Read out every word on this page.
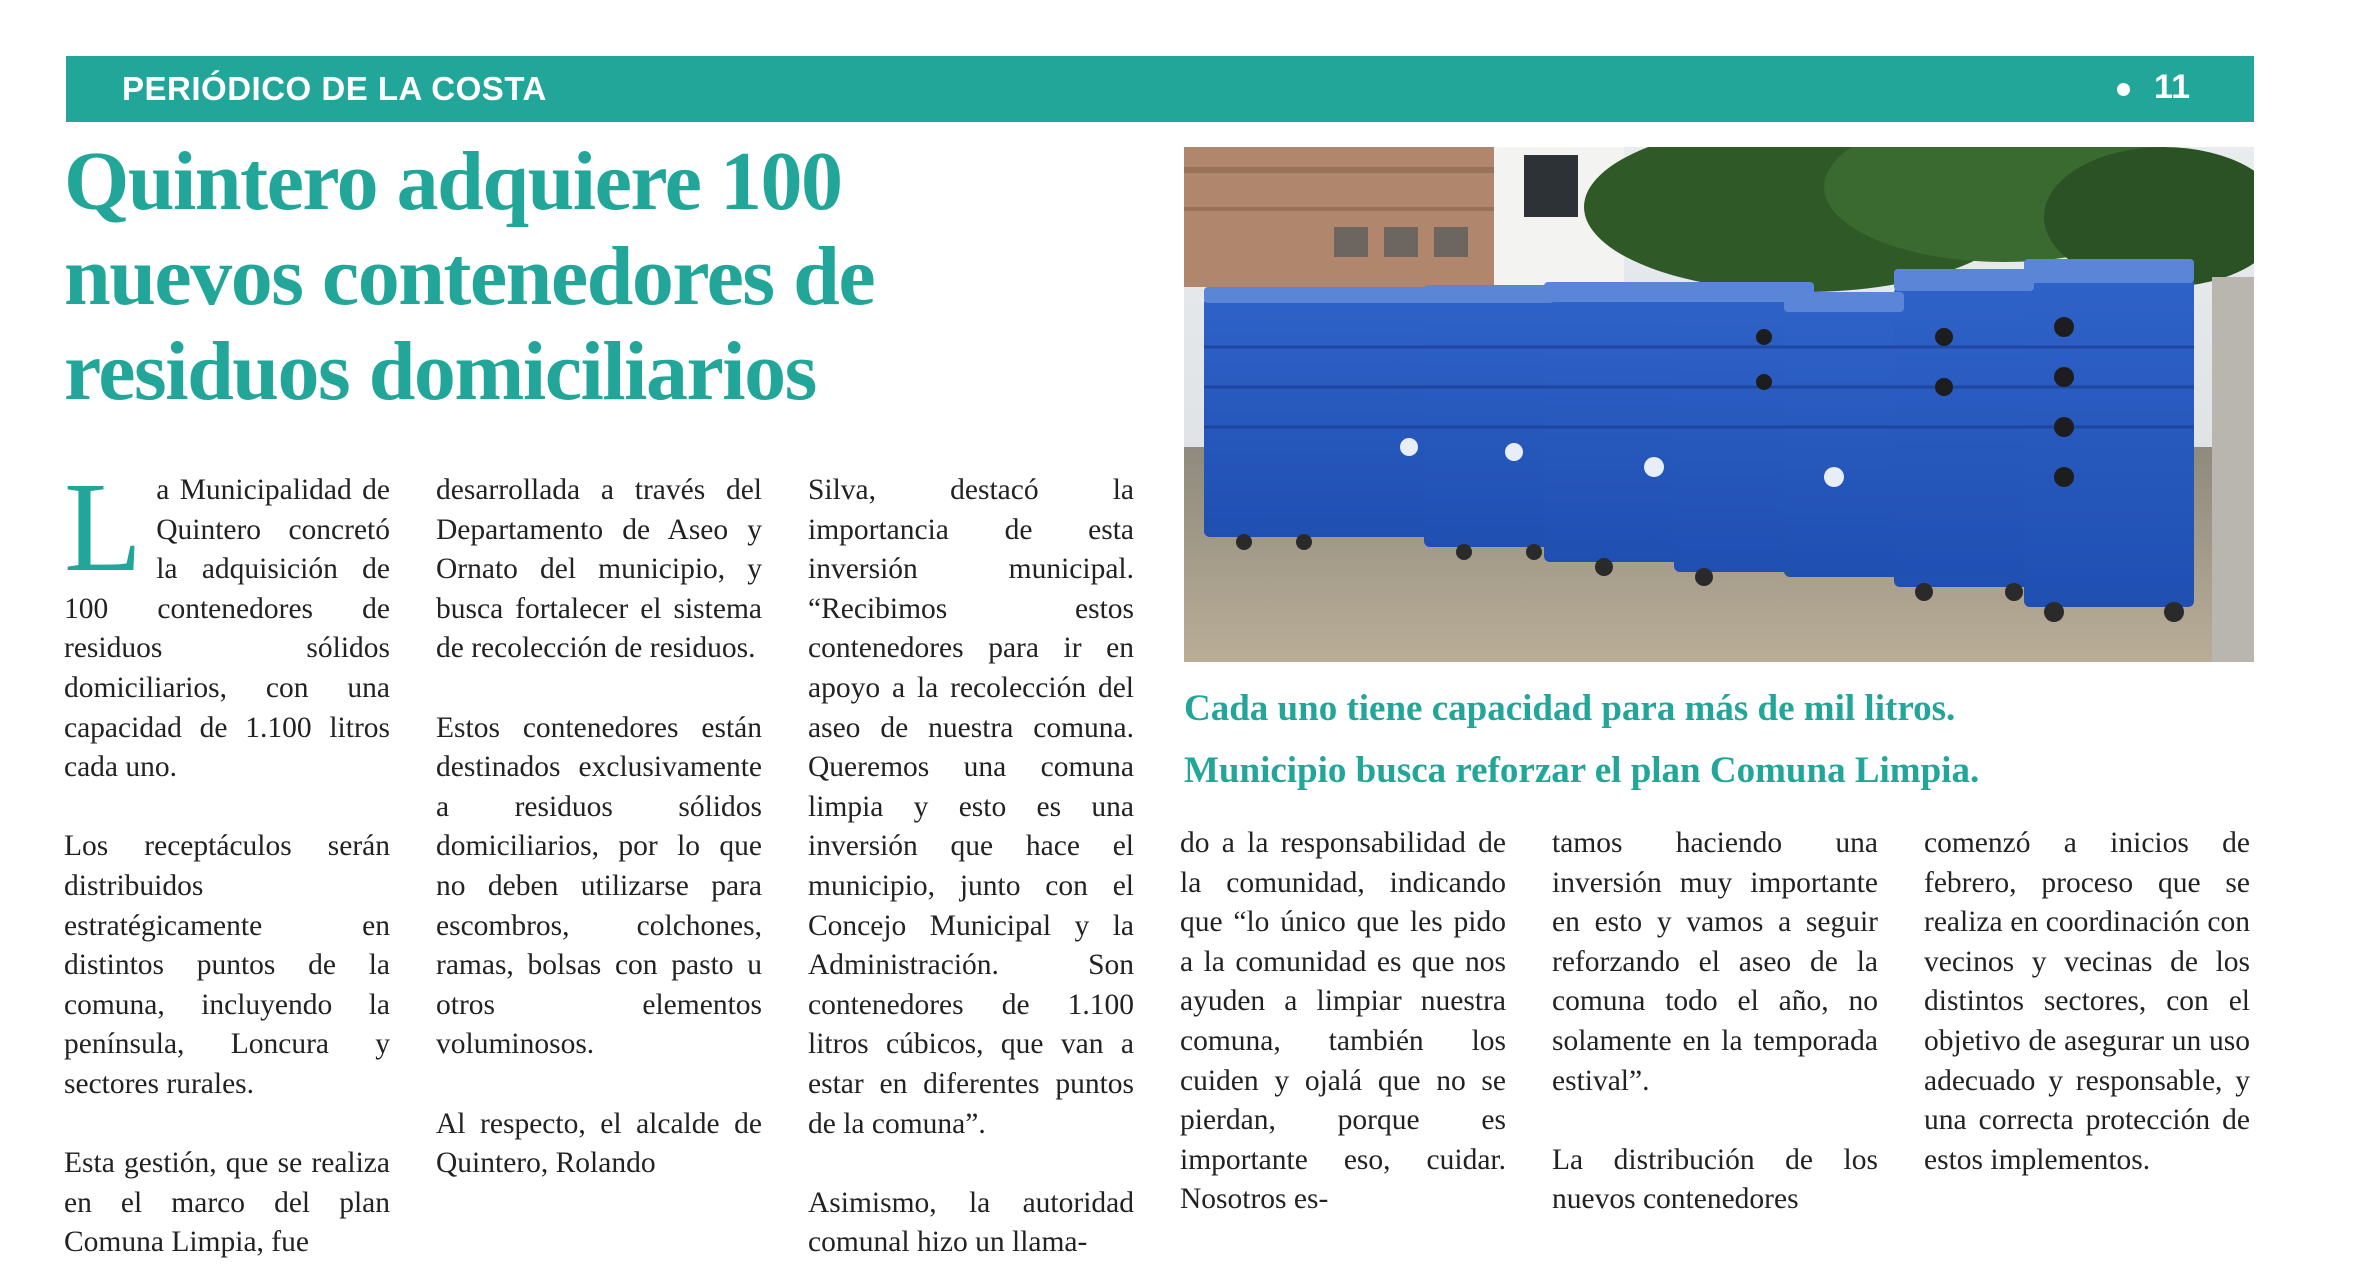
PERIÓDICO DE LA COSTA	11
Quintero adquiere 100
nuevos contenedores de
residuos domiciliarios
Cada uno tiene capacidad para más de mil litros.
Municipio busca reforzar el plan Comuna Limpia.

La Municipalidad de Quintero concretó la adquisición de 100 contenedores de residuos sólidos domiciliarios, con una capacidad de 1.100 litros cada uno.

Los receptáculos serán distribuidos estratégicamente en distintos puntos de la comuna, incluyendo la península, Loncura y sectores rurales.

Esta gestión, que se realiza en el marco del plan Comuna Limpia, fue

desarrollada a través del Departamento de Aseo y Ornato del municipio, y busca fortalecer el sistema de recolección de residuos.

Estos contenedores están destinados exclusivamente a residuos sólidos domiciliarios, por lo que no deben utilizarse para escombros, colchones, ramas, bolsas con pasto u otros elementos voluminosos.

Al respecto, el alcalde de Quintero, Rolando

Silva, destacó la importancia de esta inversión municipal. “Recibimos estos contenedores para ir en apoyo a la recolección del aseo de nuestra comuna. Queremos una comuna limpia y esto es una inversión que hace el municipio, junto con el Concejo Municipal y la Administración. Son contenedores de 1.100 litros cúbicos, que van a estar en diferentes puntos de la comuna”.

Asimismo, la autoridad comunal hizo un llama-

do a la responsabilidad de la comunidad, indicando que “lo único que les pido a la comunidad es que nos ayuden a limpiar nuestra comuna, también los cuiden y ojalá que no se pierdan, porque es importante eso, cuidar. Nosotros es-

tamos haciendo una inversión muy importante en esto y vamos a seguir reforzando el aseo de la comuna todo el año, no solamente en la temporada estival”.

La distribución de los nuevos contenedores

comenzó a inicios de febrero, proceso que se realiza en coordinación con vecinos y vecinas de los distintos sectores, con el objetivo de asegurar un uso adecuado y responsable, y una correcta protección de estos implementos.
